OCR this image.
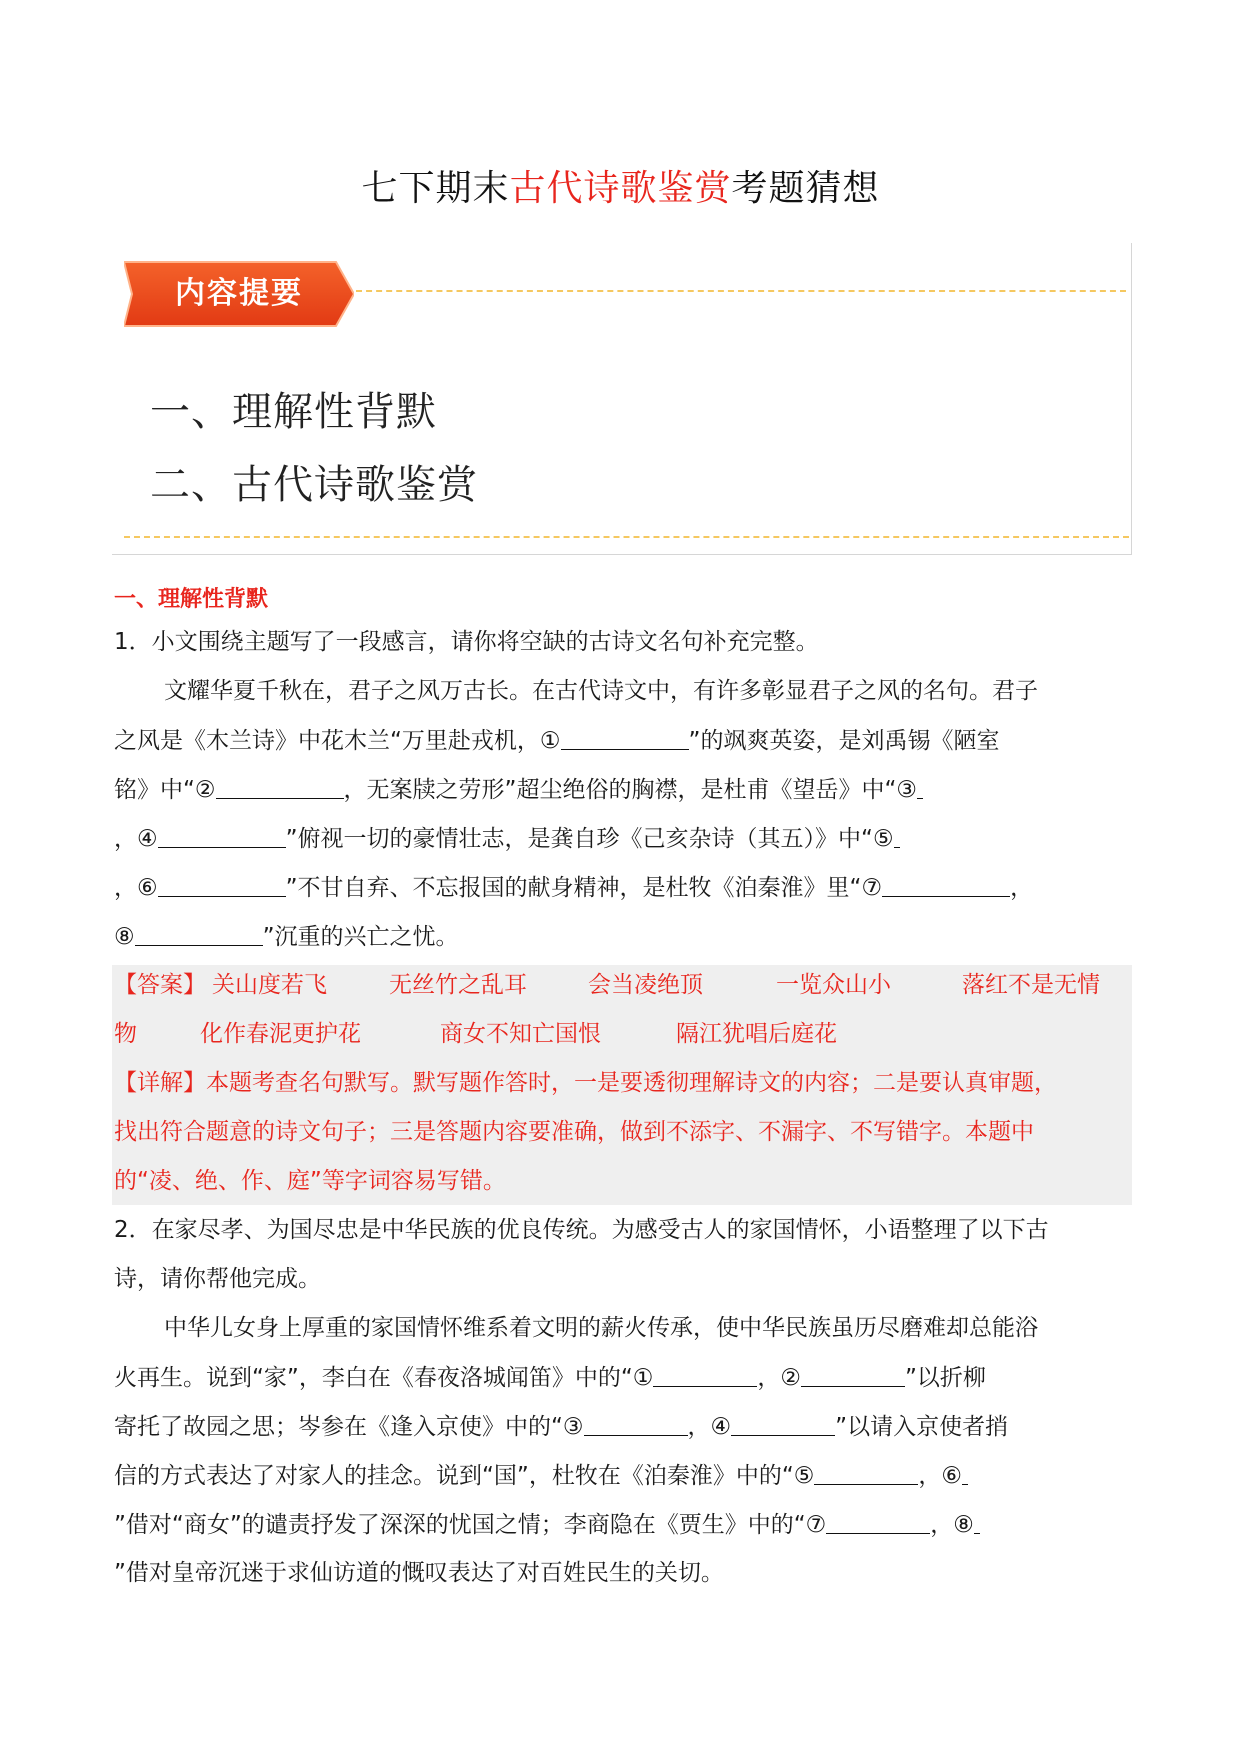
七下期末古代诗歌鉴赏考题猜想
内容提要
一、理解性背默
二、古代诗歌鉴赏
一、理解性背默
1．小文围绕主题写了一段感言，请你将空缺的古诗文名句补充完整。
文耀华夏千秋在，君子之风万古长。在古代诗文中，有许多彰显君子之风的名句。君子
之风是《木兰诗》中花木兰“万里赴戎机，①	”的飒爽英姿，是刘禹锡《陋室
铭》中“②	，无案牍之劳形”超尘绝俗的胸襟，是杜甫《望岳》中“③
，④	”俯视一切的豪情壮志，是龚自珍《己亥杂诗（其五）》中“⑤
，⑥	”不甘自弃、不忘报国的献身精神，是杜牧《泊秦淮》里“⑦	，
⑧	”沉重的兴亡之忧。
【答案】 关山度若飞	无丝竹之乱耳	会当凌绝顶	一览众山小	落红不是无情
物	化作春泥更护花	商女不知亡国恨	隔江犹唱后庭花
【详解】本题考查名句默写。默写题作答时，一是要透彻理解诗文的内容；二是要认真审题，
找出符合题意的诗文句子；三是答题内容要准确，做到不添字、不漏字、不写错字。本题中
的“凌、绝、作、庭”等字词容易写错。
2．在家尽孝、为国尽忠是中华民族的优良传统。为感受古人的家国情怀，小语整理了以下古
诗，请你帮他完成。
中华儿女身上厚重的家国情怀维系着文明的薪火传承，使中华民族虽历尽磨难却总能浴
火再生。说到“家”，李白在《春夜洛城闻笛》中的“①	，②	”以折柳
寄托了故园之思；岑参在《逢入京使》中的“③	，④	”以请入京使者捎
信的方式表达了对家人的挂念。说到“国”，杜牧在《泊秦淮》中的“⑤	，⑥
”借对“商女”的谴责抒发了深深的忧国之情；李商隐在《贾生》中的“⑦	，⑧
”借对皇帝沉迷于求仙访道的慨叹表达了对百姓民生的关切。
